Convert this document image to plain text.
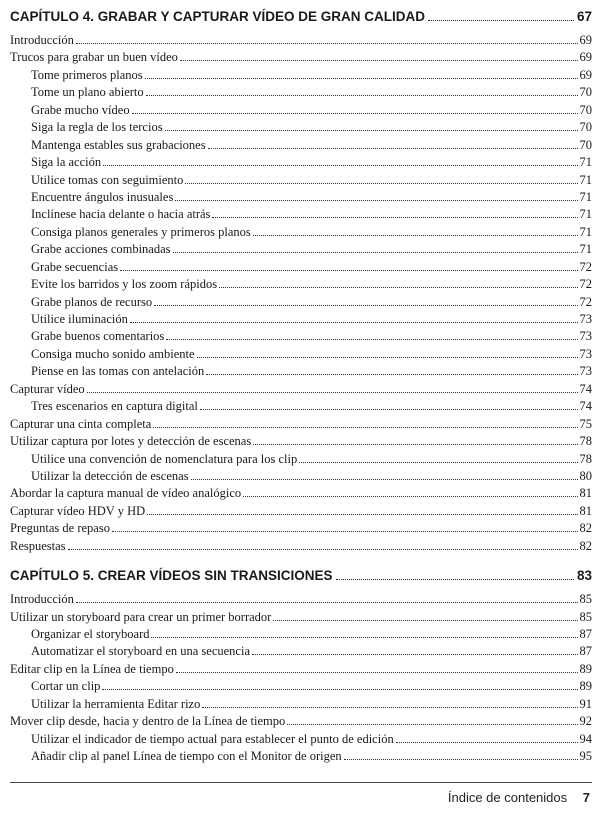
CAPÍTULO 4. GRABAR Y CAPTURAR VÍDEO DE GRAN CALIDAD	67
Introducción	69
Trucos para grabar un buen vídeo	69
Tome primeros planos	69
Tome un plano abierto	70
Grabe mucho vídeo	70
Siga la regla de los tercios	70
Mantenga estables sus grabaciones	70
Siga la acción	71
Utilice tomas con seguimiento	71
Encuentre ángulos inusuales	71
Inclínese hacia delante o hacia atrás	71
Consiga planos generales y primeros planos	71
Grabe acciones combinadas	71
Grabe secuencias	72
Evite los barridos y los zoom rápidos	72
Grabe planos de recurso	72
Utilice iluminación	73
Grabe buenos comentarios	73
Consiga mucho sonido ambiente	73
Piense en las tomas con antelación	73
Capturar vídeo	74
Tres escenarios en captura digital	74
Capturar una cinta completa	75
Utilizar captura por lotes y detección de escenas	78
Utilice una convención de nomenclatura para los clip	78
Utilizar la detección de escenas	80
Abordar la captura manual de vídeo analógico	81
Capturar vídeo HDV y HD	81
Preguntas de repaso	82
Respuestas	82
CAPÍTULO 5. CREAR VÍDEOS SIN TRANSICIONES	83
Introducción	85
Utilizar un storyboard para crear un primer borrador	85
Organizar el storyboard	87
Automatizar el storyboard en una secuencia	87
Editar clip en la Línea de tiempo	89
Cortar un clip	89
Utilizar la herramienta Editar rizo	91
Mover clip desde, hacia y dentro de la Línea de tiempo	92
Utilizar el indicador de tiempo actual para establecer el punto de edición	94
Añadir clip al panel Línea de tiempo con el Monitor de origen	95
Índice de contenidos 7
